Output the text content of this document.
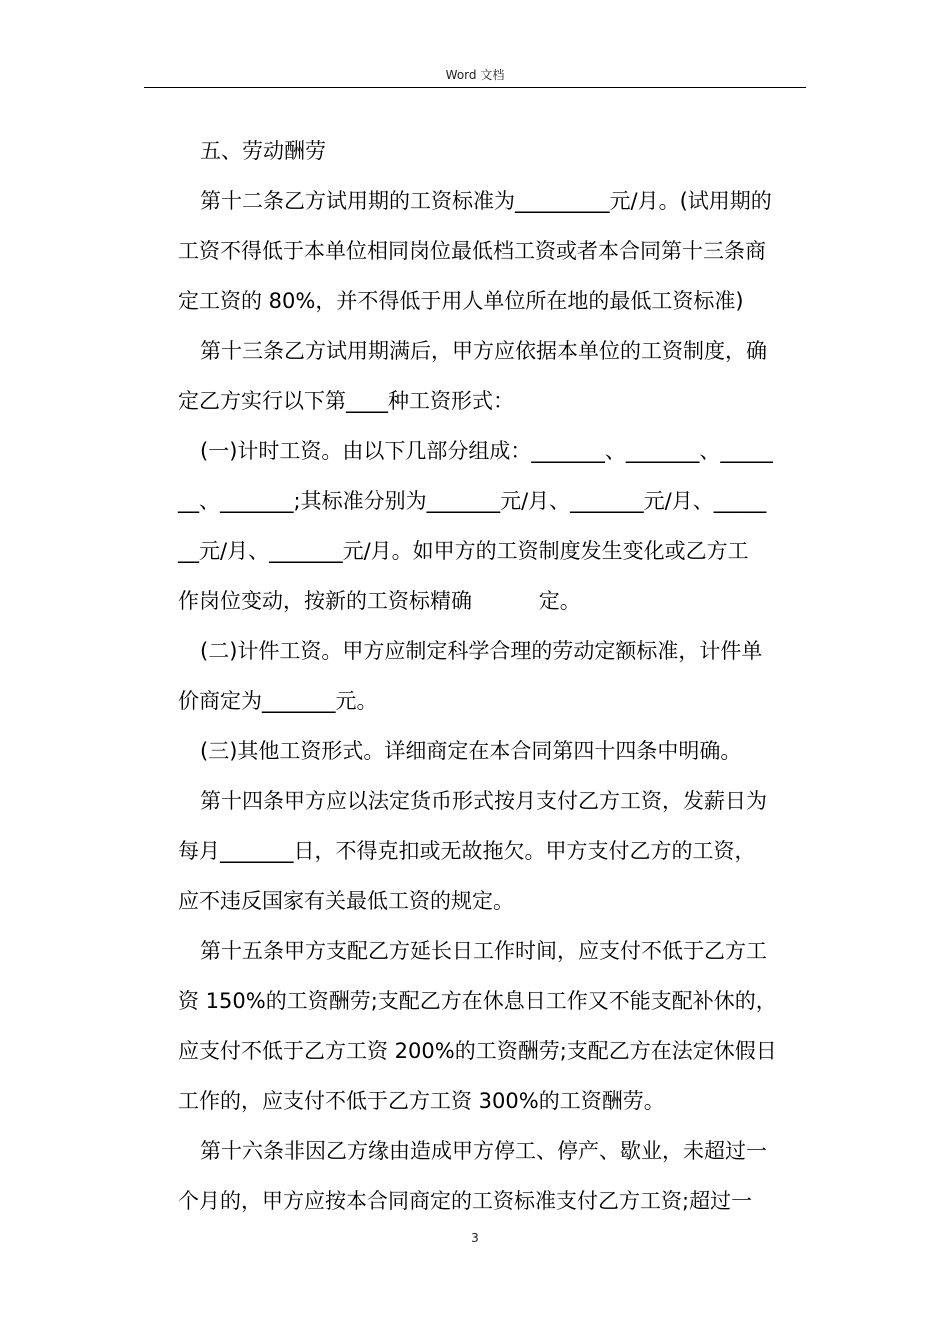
Word 文档
五、劳动酬劳
第十二条乙方试用期的工资标准为_________元/月。(试用期的
工资不得低于本单位相同岗位最低档工资或者本合同第十三条商
定工资的 80%，并不得低于用人单位所在地的最低工资标准)
第十三条乙方试用期满后，甲方应依据本单位的工资制度，确
定乙方实行以下第____种工资形式：
(一)计时工资。由以下几部分组成：_______、_______、_____
__、_______;其标准分别为_______元/月、_______元/月、_____
__元/月、_______元/月。如甲方的工资制度发生变化或乙方工
作岗位变动，按新的工资标精确          定。
(二)计件工资。甲方应制定科学合理的劳动定额标准，计件单
价商定为_______元。
(三)其他工资形式。详细商定在本合同第四十四条中明确。
第十四条甲方应以法定货币形式按月支付乙方工资，发薪日为
每月_______日，不得克扣或无故拖欠。甲方支付乙方的工资，
应不违反国家有关最低工资的规定。
第十五条甲方支配乙方延长日工作时间，应支付不低于乙方工
资 150%的工资酬劳;支配乙方在休息日工作又不能支配补休的，
应支付不低于乙方工资 200%的工资酬劳;支配乙方在法定休假日
工作的，应支付不低于乙方工资 300%的工资酬劳。
第十六条非因乙方缘由造成甲方停工、停产、歇业，未超过一
个月的，甲方应按本合同商定的工资标准支付乙方工资;超过一
3
